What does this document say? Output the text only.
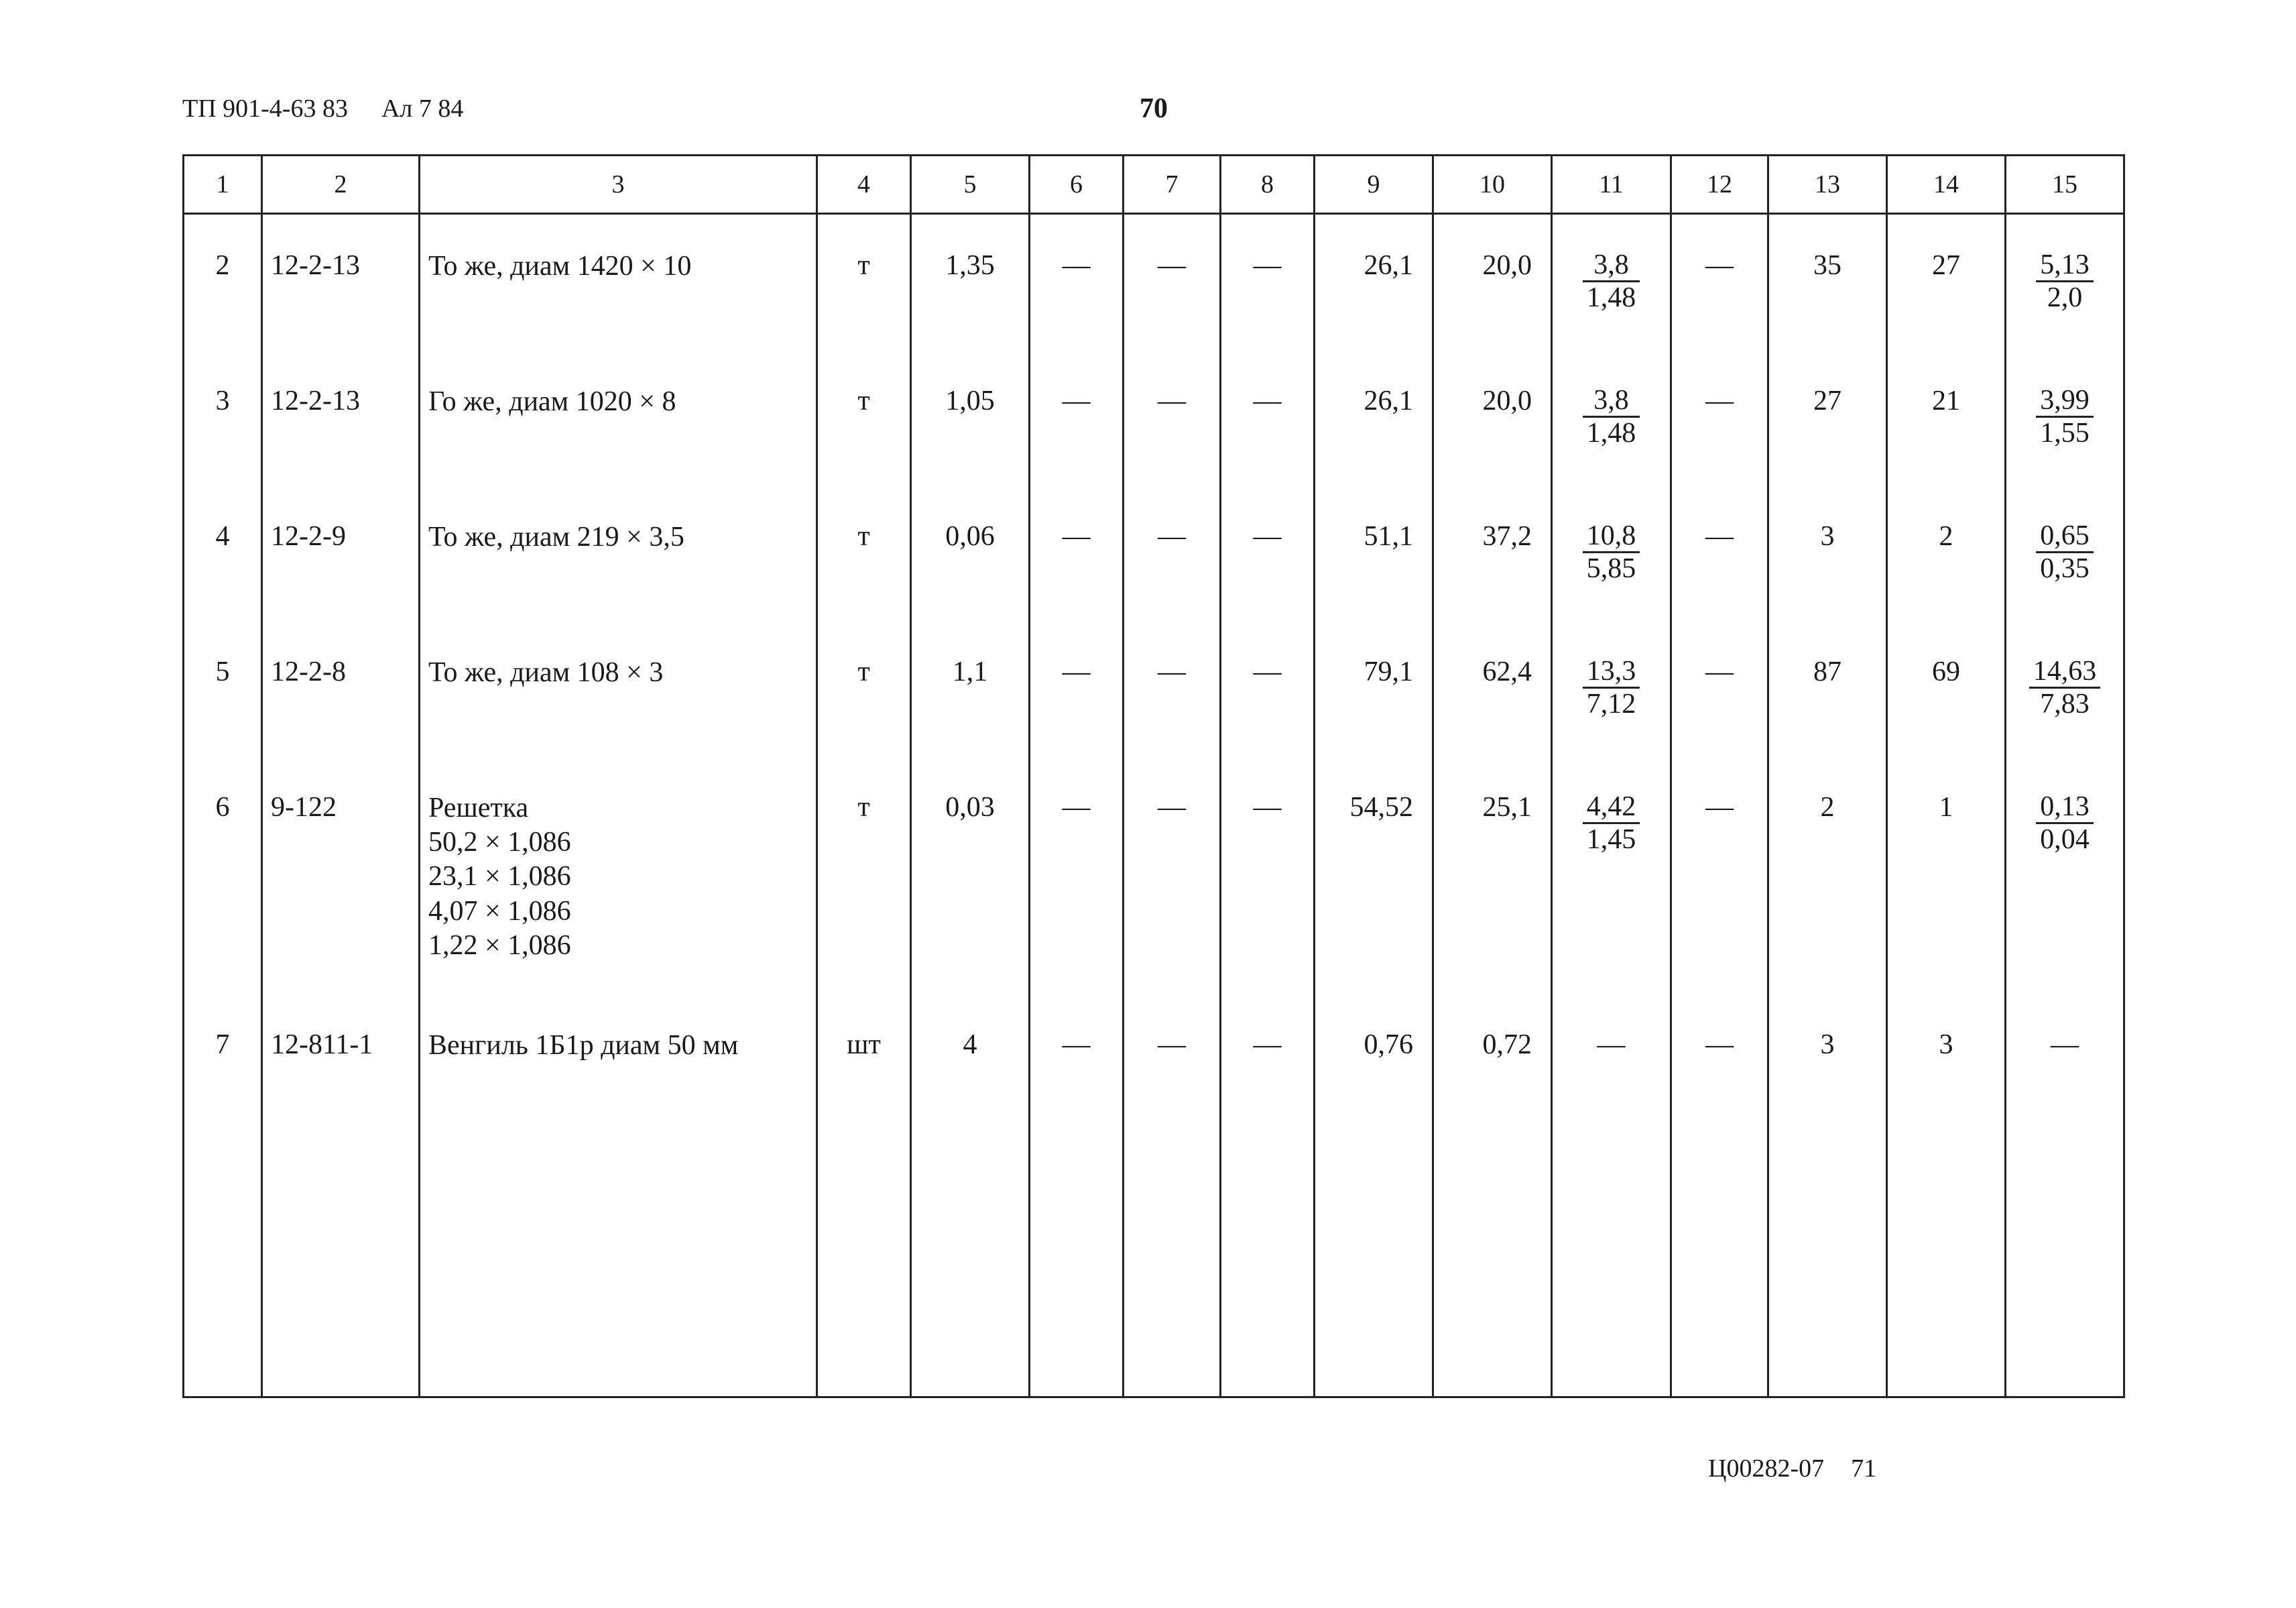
ТП 901-4-63 83 Ал 7 84	70
1	2	3	4	5	6	7	8	9	10	11	12	13	14	15
2	12-2-13	То же, диам 1420 × 10	т	1,35	—	—	—	26,1	20,0	$\frac{3,8}{1,48}$	—	35	27	$\frac{5,13}{2,0}$

3	12-2-13	Го же, диам 1020 × 8	т	1,05	—	—	—	26,1	20,0	$\frac{3,8}{1,48}$	—	27	21	$\frac{3,99}{1,55}$

4	12-2-9	То же, диам 219 × 3,5	т	0,06	—	—	—	51,1	37,2	$\frac{10,8}{5,85}$	—	3	2	$\frac{0,65}{0,35}$

5	12-2-8	То же, диам 108 × 3	т	1,1	—	—	—	79,1	62,4	$\frac{13,3}{7,12}$	—	87	69	$\frac{14,63}{7,83}$

6	9-122	Решетка
50,2 × 1,086
23,1 × 1,086
4,07 × 1,086
1,22 × 1,086	т	0,03	—	—	—	54,52	25,1	$\frac{4,42}{1,45}$	—	2	1	$\frac{0,13}{0,04}$

7	12-811-1	Венгиль 1Б1р диам 50 мм	шт	4	—	—	—	0,76	0,72	—	—	3	3	—
Ц00282-07 71
